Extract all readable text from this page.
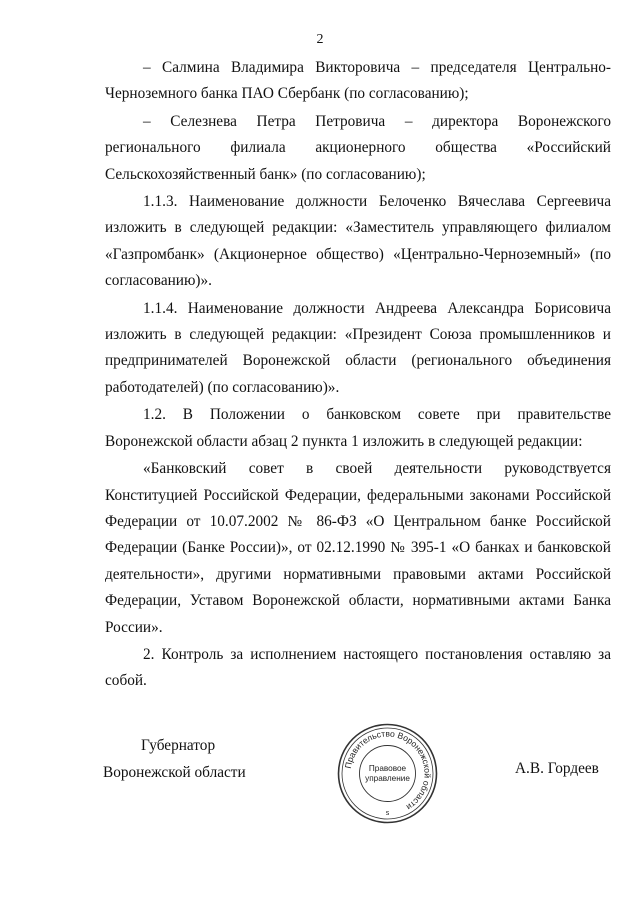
2

– Салмина Владимира Викторовича – председателя Центрально-Черноземного банка ПАО Сбербанк (по согласованию);

– Селезнева Петра Петровича – директора Воронежского регионального филиала акционерного общества «Российский Сельскохозяйственный банк» (по согласованию);

1.1.3. Наименование должности Белоченко Вячеслава Сергеевича изложить в следующей редакции: «Заместитель управляющего филиалом «Газпромбанк» (Акционерное общество) «Центрально-Черноземный» (по согласованию)».

1.1.4. Наименование должности Андреева Александра Борисовича изложить в следующей редакции: «Президент Союза промышленников и предпринимателей Воронежской области (регионального объединения работодателей) (по согласованию)».

1.2. В Положении о банковском совете при правительстве Воронежской области абзац 2 пункта 1 изложить в следующей редакции:

«Банковский совет в своей деятельности руководствуется Конституцией Российской Федерации, федеральными законами Российской Федерации от 10.07.2002 № 86-ФЗ «О Центральном банке Российской Федерации (Банке России)», от 02.12.1990 № 395-1 «О банках и банковской деятельности», другими нормативными правовыми актами Российской Федерации, Уставом Воронежской области, нормативными актами Банка России».

2. Контроль за исполнением настоящего постановления оставляю за собой.

Губернатор
Воронежской области	Правительство Воронежской области
Правовое
управление
s
А.В. Гордеев
